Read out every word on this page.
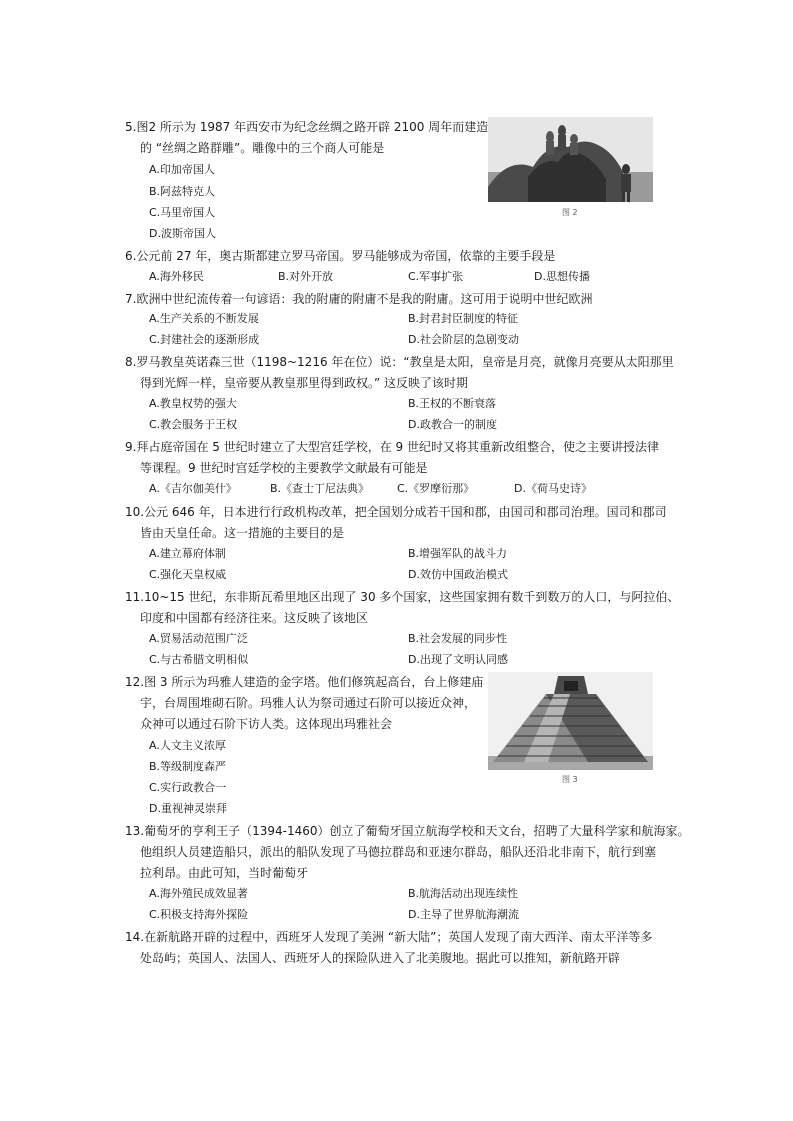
5.图2 所示为 1987 年西安市为纪念丝绸之路开辟 2100 周年而建造
的 “丝绸之路群雕”。雕像中的三个商人可能是
A.印加帝国人
B.阿兹特克人
C.马里帝国人
D.波斯帝国人
图 2
6.公元前 27 年，奥古斯都建立罗马帝国。罗马能够成为帝国，依靠的主要手段是
A.海外移民	B.对外开放	C.军事扩张	D.思想传播
7.欧洲中世纪流传着一句谚语：我的附庸的附庸不是我的附庸。这可用于说明中世纪欧洲
A.生产关系的不断发展	B.封君封臣制度的特征
C.封建社会的逐渐形成	D.社会阶层的急剧变动
8.罗马教皇英诺森三世（1198~1216 年在位）说：“教皇是太阳，皇帝是月亮，就像月亮要从太阳那里
得到光辉一样，皇帝要从教皇那里得到政权。” 这反映了该时期
A.教皇权势的强大	B.王权的不断衰落
C.教会服务于王权	D.政教合一的制度
9.拜占庭帝国在 5 世纪时建立了大型宫廷学校，在 9 世纪时又将其重新改组整合，使之主要讲授法律
等课程。9 世纪时宫廷学校的主要教学文献最有可能是
A.《吉尔伽美什》	B.《查士丁尼法典》	C.《罗摩衍那》	D.《荷马史诗》
10.公元 646 年，日本进行行政机构改革，把全国划分成若干国和郡，由国司和郡司治理。国司和郡司
皆由天皇任命。这一措施的主要目的是
A.建立幕府体制	B.增强军队的战斗力
C.强化天皇权威	D.效仿中国政治模式
11.10~15 世纪，东非斯瓦希里地区出现了 30 多个国家，这些国家拥有数千到数万的人口，与阿拉伯、
印度和中国都有经济往来。这反映了该地区
A.贸易活动范围广泛	B.社会发展的同步性
C.与古希腊文明相似	D.出现了文明认同感
12.图 3 所示为玛雅人建造的金字塔。他们修筑起高台，台上修建庙
宇，台周围堆砌石阶。玛雅人认为祭司通过石阶可以接近众神，
众神可以通过石阶下访人类。这体现出玛雅社会
A.人文主义浓厚
B.等级制度森严
C.实行政教合一
D.重视神灵崇拜
图 3
13.葡萄牙的亨利王子（1394-1460）创立了葡萄牙国立航海学校和天文台，招聘了大量科学家和航海家。
他组织人员建造船只，派出的船队发现了马德拉群岛和亚速尔群岛，船队还沿北非南下，航行到塞
拉利昂。由此可知，当时葡萄牙
A.海外殖民成效显著	B.航海活动出现连续性
C.积极支持海外探险	D.主导了世界航海潮流
14.在新航路开辟的过程中，西班牙人发现了美洲 “新大陆”；英国人发现了南大西洋、南太平洋等多
处岛屿；英国人、法国人、西班牙人的探险队进入了北美腹地。据此可以推知，新航路开辟
